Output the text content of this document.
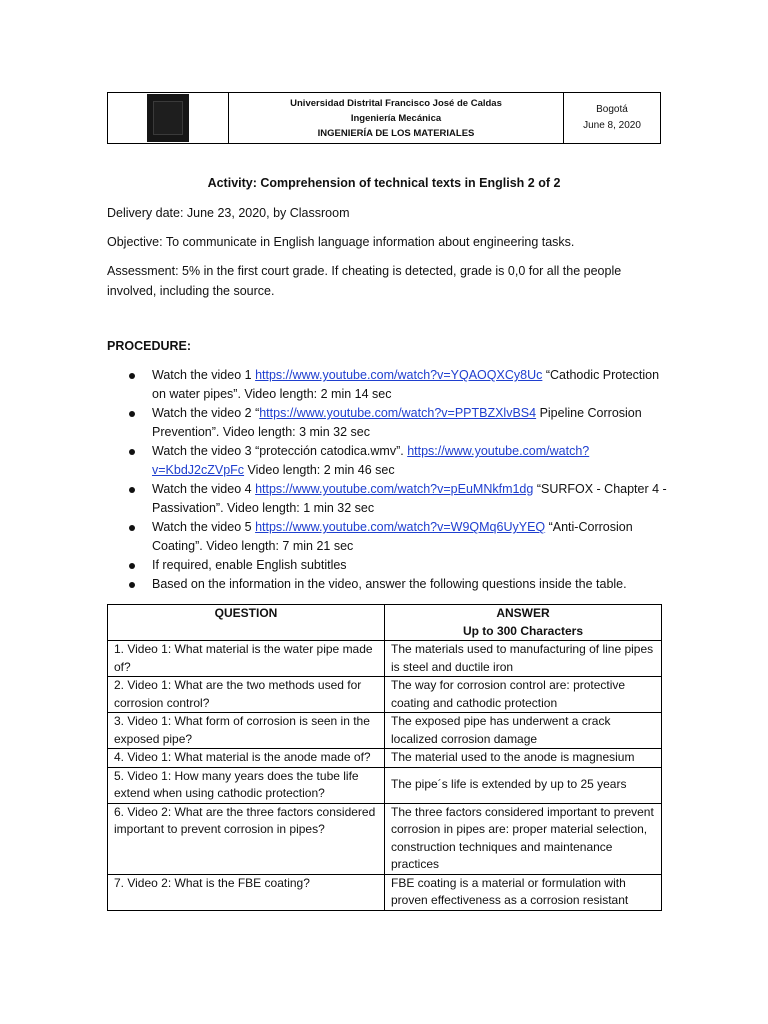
Universidad Distrital Francisco José de Caldas
Ingeniería Mecánica
INGENIERÍA DE LOS MATERIALES

Bogotá
June 8, 2020
Activity: Comprehension of technical texts in English 2 of 2
Delivery date: June 23, 2020, by Classroom
Objective: To communicate in English language information about engineering tasks.
Assessment: 5% in the first court grade. If cheating is detected, grade is 0,0 for all the people involved, including the source.
PROCEDURE:
Watch the video 1 https://www.youtube.com/watch?v=YQAOQXCy8Uc “Cathodic Protection on water pipes”. Video length: 2 min 14 sec
Watch the video 2 “https://www.youtube.com/watch?v=PPTBZXlvBS4 Pipeline Corrosion Prevention”. Video length: 3 min 32 sec
Watch the video 3 “protección catodica.wmv”. https://www.youtube.com/watch?v=KbdJ2cZVpFc Video length: 2 min 46 sec
Watch the video 4 https://www.youtube.com/watch?v=pEuMNkfm1dg “SURFOX - Chapter 4 - Passivation”. Video length: 1 min 32 sec
Watch the video 5 https://www.youtube.com/watch?v=W9QMq6UyYEQ “Anti-Corrosion Coating”. Video length: 7 min 21 sec
If required, enable English subtitles
Based on the information in the video, answer the following questions inside the table.
QUESTION	ANSWER
Up to 300 Characters
1. Video 1: What material is the water pipe made of?	The materials used to manufacturing of line pipes is steel and ductile iron
2. Video 1: What are the two methods used for corrosion control?	The way for corrosion control are: protective coating and cathodic protection
3. Video 1: What form of corrosion is seen in the exposed pipe?	The exposed pipe has underwent a crack localized corrosion damage
4. Video 1: What material is the anode made of?	The material used to the anode is magnesium
5. Video 1: How many years does the tube life extend when using cathodic protection?	The pipe´s life is extended by up to 25 years
6. Video 2: What are the three factors considered important to prevent corrosion in pipes?	The three factors considered important to prevent corrosion in pipes are: proper material selection, construction techniques and maintenance practices
7. Video 2: What is the FBE coating?	FBE coating is a material or formulation with proven effectiveness as a corrosion resistant
